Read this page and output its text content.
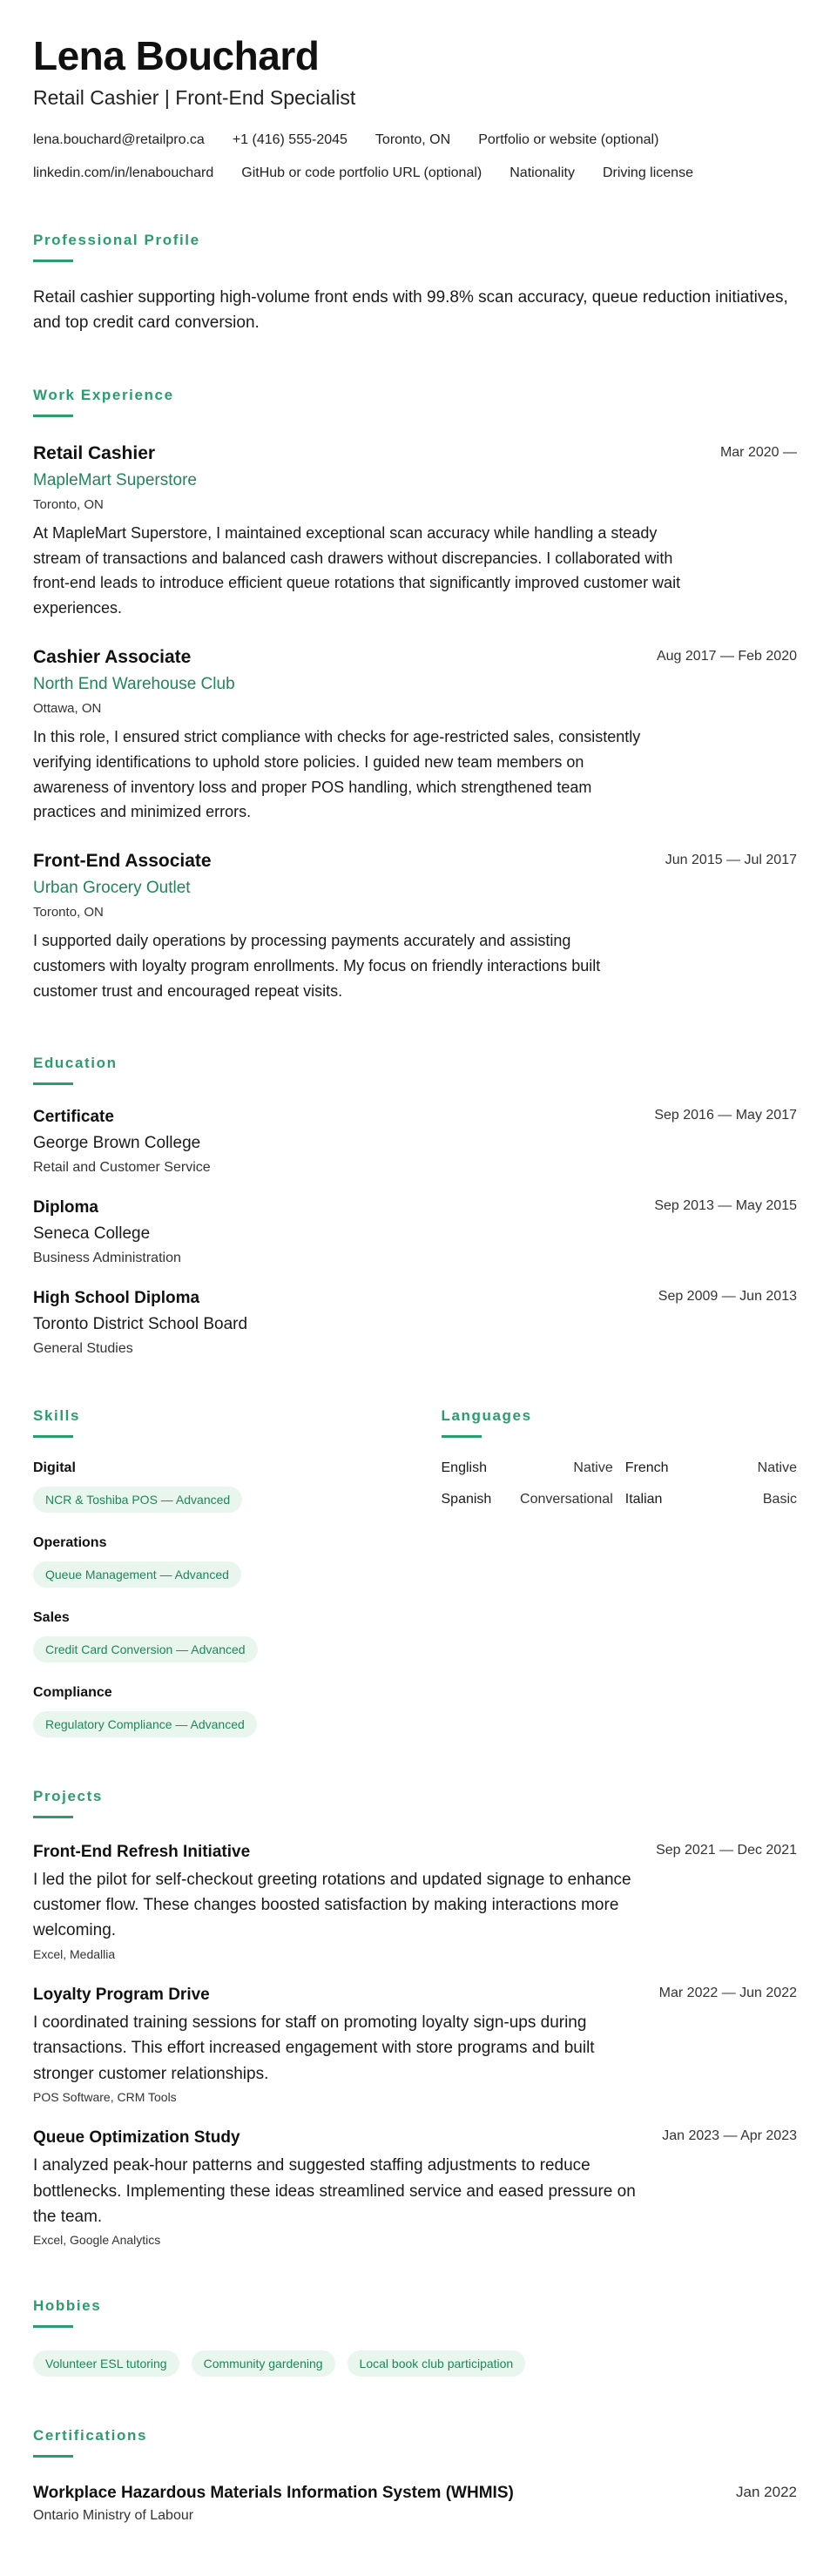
Lena Bouchard
Retail Cashier | Front-End Specialist
lena.bouchard@retailpro.ca +1 (416) 555-2045 Toronto, ON Portfolio or website (optional)
linkedin.com/in/lenabouchard GitHub or code portfolio URL (optional) Nationality Driving license
Professional Profile
Retail cashier supporting high-volume front ends with 99.8% scan accuracy, queue reduction initiatives, and top credit card conversion.
Work Experience
Retail Cashier	Mar 2020 —
MapleMart Superstore
Toronto, ON
At MapleMart Superstore, I maintained exceptional scan accuracy while handling a steady stream of transactions and balanced cash drawers without discrepancies. I collaborated with front-end leads to introduce efficient queue rotations that significantly improved customer wait experiences.
Cashier Associate	Aug 2017 — Feb 2020
North End Warehouse Club
Ottawa, ON
In this role, I ensured strict compliance with checks for age-restricted sales, consistently verifying identifications to uphold store policies. I guided new team members on awareness of inventory loss and proper POS handling, which strengthened team practices and minimized errors.
Front-End Associate	Jun 2015 — Jul 2017
Urban Grocery Outlet
Toronto, ON
I supported daily operations by processing payments accurately and assisting customers with loyalty program enrollments. My focus on friendly interactions built customer trust and encouraged repeat visits.
Education
Certificate	Sep 2016 — May 2017
George Brown College
Retail and Customer Service
Diploma	Sep 2013 — May 2015
Seneca College
Business Administration
High School Diploma	Sep 2009 — Jun 2013
Toronto District School Board
General Studies
Skills
Digital
NCR & Toshiba POS — Advanced
Operations
Queue Management — Advanced
Sales
Credit Card Conversion — Advanced
Compliance
Regulatory Compliance — Advanced
Languages
English	Native French	Native
Spanish Conversational Italian	Basic
Projects
Front-End Refresh Initiative	Sep 2021 — Dec 2021
I led the pilot for self-checkout greeting rotations and updated signage to enhance customer flow. These changes boosted satisfaction by making interactions more welcoming.
Excel, Medallia
Loyalty Program Drive	Mar 2022 — Jun 2022
I coordinated training sessions for staff on promoting loyalty sign-ups during transactions. This effort increased engagement with store programs and built stronger customer relationships.
POS Software, CRM Tools
Queue Optimization Study	Jan 2023 — Apr 2023
I analyzed peak-hour patterns and suggested staffing adjustments to reduce bottlenecks. Implementing these ideas streamlined service and eased pressure on the team.
Excel, Google Analytics
Hobbies
Volunteer ESL tutoring	Community gardening	Local book club participation
Certifications
Workplace Hazardous Materials Information System (WHMIS)	Jan 2022
Ontario Ministry of Labour
